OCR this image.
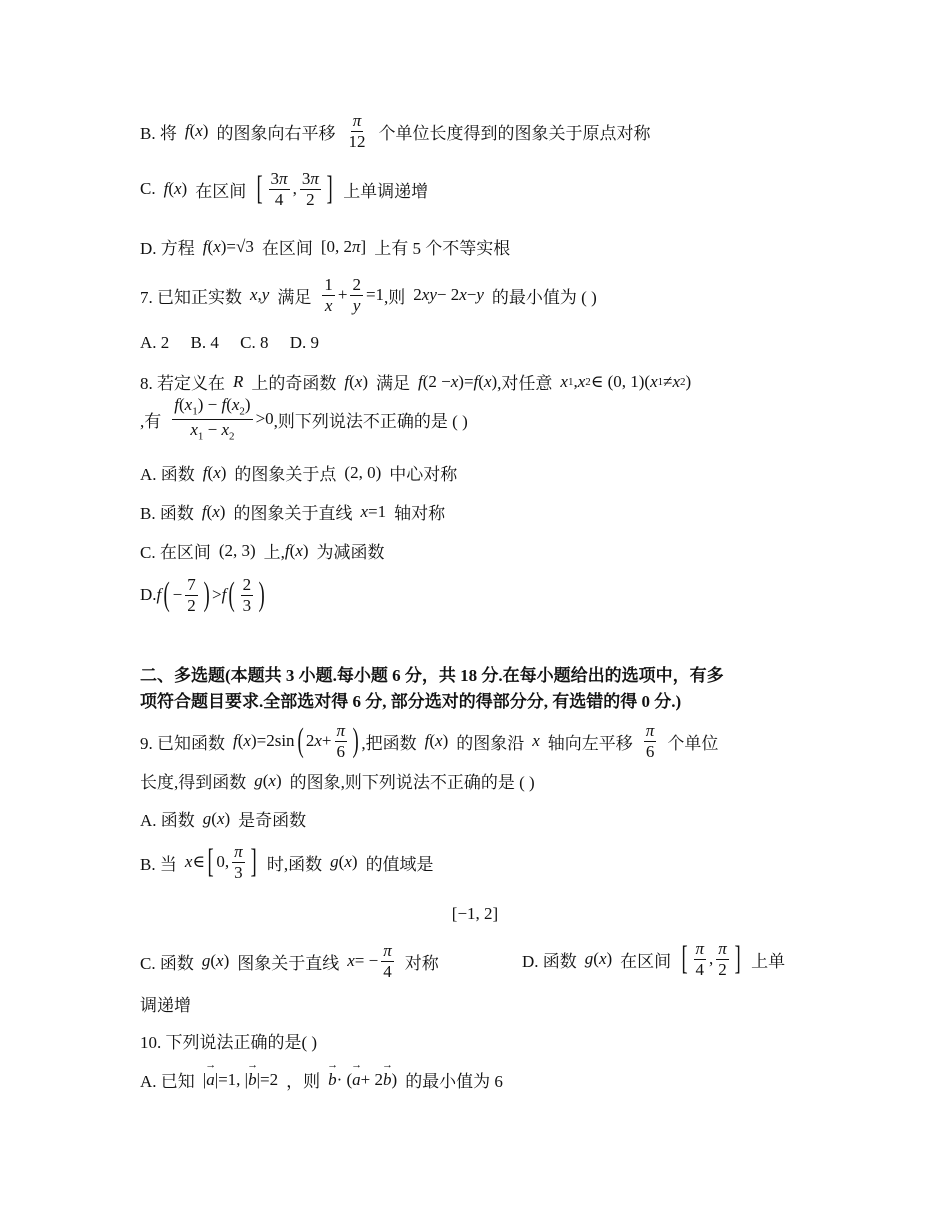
B. 将 f ( x ) 的图象向右平移 $\frac{\pi}{12}$ 个单位长度得到的图象关于原点对称
C. f ( x ) 在区间 [ $\frac{3\pi}{4}$ , $\frac{3\pi}{2}$ ] 上单调递增
D. 方程 f ( x )=√3 在区间 [0, 2 π ] 上有 5 个不等实根
7. 已知正实数 x , y 满足 $\frac{1}{x} + \frac{2}{y} =1$ ,则 2 xy − 2 x − y 的最小值为 ( )
A. 2     B. 4     C. 8     D. 9
8. 若定义在 R 上的奇函数 f ( x ) 满足 f (2 − x )= f ( x ) ,对任意 x 1 , x 2 ∈ (0, 1)( x 1 ≠ x 2 )
,有 $\frac{f(x_1) - f(x_2)}{x_1 - x_2} >0$ ,则下列说法不正确的是 ( )
A. 函数 f ( x ) 的图象关于点 (2, 0) 中心对称
B. 函数 f ( x ) 的图象关于直线 x =1 轴对称
C. 在区间 (2, 3) 上, f ( x ) 为减函数
D. f ( − $\frac{7}{2}$ ) > f ( $\frac{2}{3}$ )
二、多选题(本题共 3 小题.每小题 6 分，共 18 分.在每小题给出的选项中，有多
项符合题目要求.全部选对得 6 分, 部分选对的得部分分, 有选错的得 0 分.)
9. 已知函数 f ( x )=2sin ( 2 $x + \frac{\pi}{6}$ ) ,把函数 f ( x ) 的图象沿 x 轴向左平移 $\frac{\pi}{6}$ 个单位
长度,得到函数 g ( x ) 的图象,则下列说法不正确的是 ( )
A. 函数 g ( x ) 是奇函数
B. 当 x ∈ [ 0, $\frac{\pi}{3}$ ] 时,函数 g ( x ) 的值域是
[−1, 2]
C. 函数 g ( x ) 图象关于直线 x = − $\frac{\pi}{4}$ 对称	D. 函数 g ( x ) 在区间 [ $\frac{\pi}{4}$ , $\frac{\pi}{2}$ ] 上单
调递增
10. 下列说法正确的是( )
A. 已知 | → a |=1, | → b |=2 ，则 → b · ( → a + 2 → b ) 的最小值为 6
